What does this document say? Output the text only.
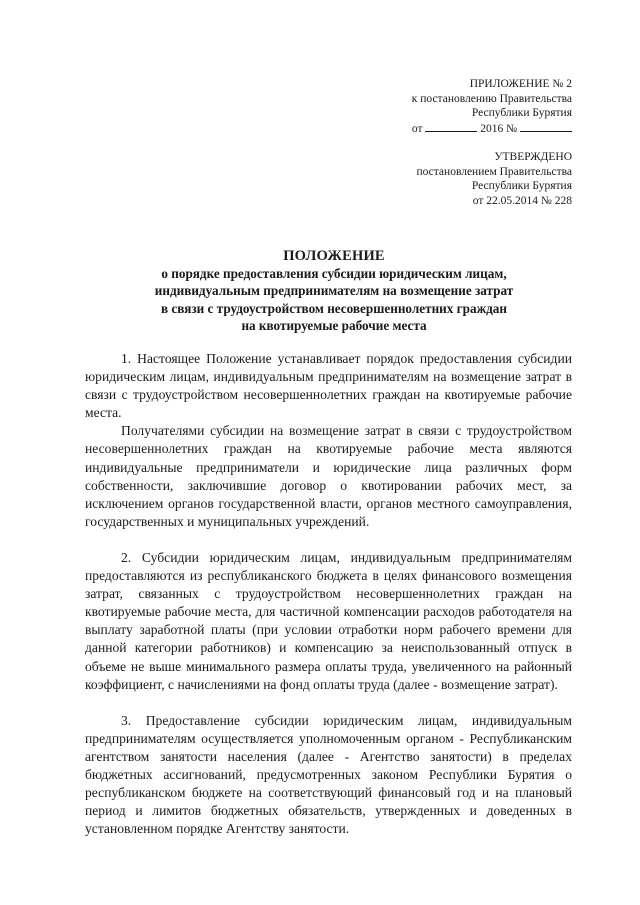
ПРИЛОЖЕНИЕ № 2
к постановлению Правительства
Республики Бурятия
от	2016 №
УТВЕРЖДЕНО
постановлением Правительства
Республики Бурятия
от 22.05.2014 № 228
ПОЛОЖЕНИЕ
о порядке предоставления субсидии юридическим лицам,
индивидуальным предпринимателям на возмещение затрат
в связи с трудоустройством несовершеннолетних граждан
на квотируемые рабочие места

1. Настоящее Положение устанавливает порядок предоставления субсидии юридическим лицам, индивидуальным предпринимателям на возмещение затрат в связи с трудоустройством несовершеннолетних граждан на квотируемые рабочие места.

Получателями субсидии на возмещение затрат в связи с трудоустройством несовершеннолетних граждан на квотируемые рабочие места являются индивидуальные предприниматели и юридические лица различных форм собственности, заключившие договор о квотировании рабочих мест, за исключением органов государственной власти, органов местного самоуправления, государственных и муниципальных учреждений.

2. Субсидии юридическим лицам, индивидуальным предпринимателям предоставляются из республиканского бюджета в целях финансового возмещения затрат, связанных с трудоустройством несовершеннолетних граждан на квотируемые рабочие места, для частичной компенсации расходов работодателя на выплату заработной платы (при условии отработки норм рабочего времени для данной категории работников) и компенсацию за неиспользованный отпуск в объеме не выше минимального размера оплаты труда, увеличенного на районный коэффициент, с начислениями на фонд оплаты труда (далее - возмещение затрат).

3. Предоставление субсидии юридическим лицам, индивидуальным предпринимателям осуществляется уполномоченным органом - Республиканским агентством занятости населения (далее - Агентство занятости) в пределах бюджетных ассигнований, предусмотренных законом Республики Бурятия о республиканском бюджете на соответствующий финансовый год и на плановый период и лимитов бюджетных обязательств, утвержденных и доведенных в установленном порядке Агентству занятости.
